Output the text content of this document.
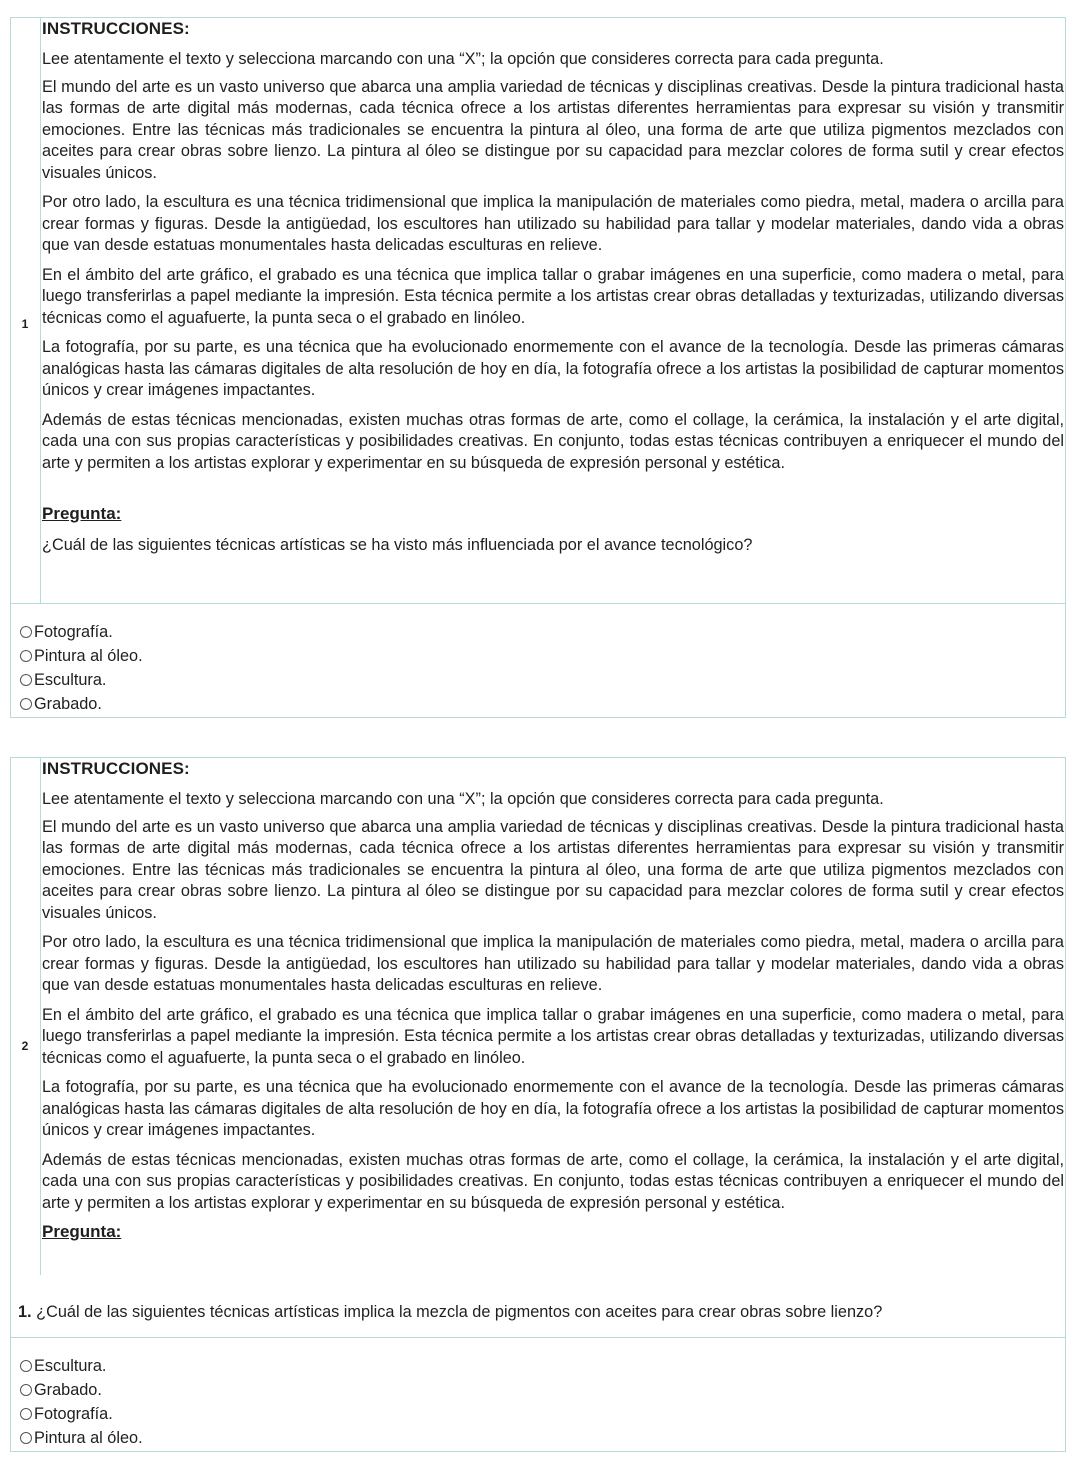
1

INSTRUCCIONES:

Lee atentamente el texto y selecciona marcando con una “X”; la opción que consideres correcta para cada pregunta.

El mundo del arte es un vasto universo que abarca una amplia variedad de técnicas y disciplinas creativas. Desde la pintura tradicional hasta las formas de arte digital más modernas, cada técnica ofrece a los artistas diferentes herramientas para expresar su visión y transmitir emociones. Entre las técnicas más tradicionales se encuentra la pintura al óleo, una forma de arte que utiliza pigmentos mezclados con aceites para crear obras sobre lienzo. La pintura al óleo se distingue por su capacidad para mezclar colores de forma sutil y crear efectos visuales únicos.

Por otro lado, la escultura es una técnica tridimensional que implica la manipulación de materiales como piedra, metal, madera o arcilla para crear formas y figuras. Desde la antigüedad, los escultores han utilizado su habilidad para tallar y modelar materiales, dando vida a obras que van desde estatuas monumentales hasta delicadas esculturas en relieve.

En el ámbito del arte gráfico, el grabado es una técnica que implica tallar o grabar imágenes en una superficie, como madera o metal, para luego transferirlas a papel mediante la impresión. Esta técnica permite a los artistas crear obras detalladas y texturizadas, utilizando diversas técnicas como el aguafuerte, la punta seca o el grabado en linóleo.

La fotografía, por su parte, es una técnica que ha evolucionado enormemente con el avance de la tecnología. Desde las primeras cámaras analógicas hasta las cámaras digitales de alta resolución de hoy en día, la fotografía ofrece a los artistas la posibilidad de capturar momentos únicos y crear imágenes impactantes.

Además de estas técnicas mencionadas, existen muchas otras formas de arte, como el collage, la cerámica, la instalación y el arte digital, cada una con sus propias características y posibilidades creativas. En conjunto, todas estas técnicas contribuyen a enriquecer el mundo del arte y permiten a los artistas explorar y experimentar en su búsqueda de expresión personal y estética.

Pregunta:

¿Cuál de las siguientes técnicas artísticas se ha visto más influenciada por el avance tecnológico?

Fotografía.
Pintura al óleo.
Escultura.
Grabado.
2

INSTRUCCIONES:

Lee atentamente el texto y selecciona marcando con una “X”; la opción que consideres correcta para cada pregunta.

El mundo del arte es un vasto universo que abarca una amplia variedad de técnicas y disciplinas creativas. Desde la pintura tradicional hasta las formas de arte digital más modernas, cada técnica ofrece a los artistas diferentes herramientas para expresar su visión y transmitir emociones. Entre las técnicas más tradicionales se encuentra la pintura al óleo, una forma de arte que utiliza pigmentos mezclados con aceites para crear obras sobre lienzo. La pintura al óleo se distingue por su capacidad para mezclar colores de forma sutil y crear efectos visuales únicos.

Por otro lado, la escultura es una técnica tridimensional que implica la manipulación de materiales como piedra, metal, madera o arcilla para crear formas y figuras. Desde la antigüedad, los escultores han utilizado su habilidad para tallar y modelar materiales, dando vida a obras que van desde estatuas monumentales hasta delicadas esculturas en relieve.

En el ámbito del arte gráfico, el grabado es una técnica que implica tallar o grabar imágenes en una superficie, como madera o metal, para luego transferirlas a papel mediante la impresión. Esta técnica permite a los artistas crear obras detalladas y texturizadas, utilizando diversas técnicas como el aguafuerte, la punta seca o el grabado en linóleo.

La fotografía, por su parte, es una técnica que ha evolucionado enormemente con el avance de la tecnología. Desde las primeras cámaras analógicas hasta las cámaras digitales de alta resolución de hoy en día, la fotografía ofrece a los artistas la posibilidad de capturar momentos únicos y crear imágenes impactantes.

Además de estas técnicas mencionadas, existen muchas otras formas de arte, como el collage, la cerámica, la instalación y el arte digital, cada una con sus propias características y posibilidades creativas. En conjunto, todas estas técnicas contribuyen a enriquecer el mundo del arte y permiten a los artistas explorar y experimentar en su búsqueda de expresión personal y estética.

Pregunta:

1. ¿Cuál de las siguientes técnicas artísticas implica la mezcla de pigmentos con aceites para crear obras sobre lienzo?

Escultura.
Grabado.
Fotografía.
Pintura al óleo.
